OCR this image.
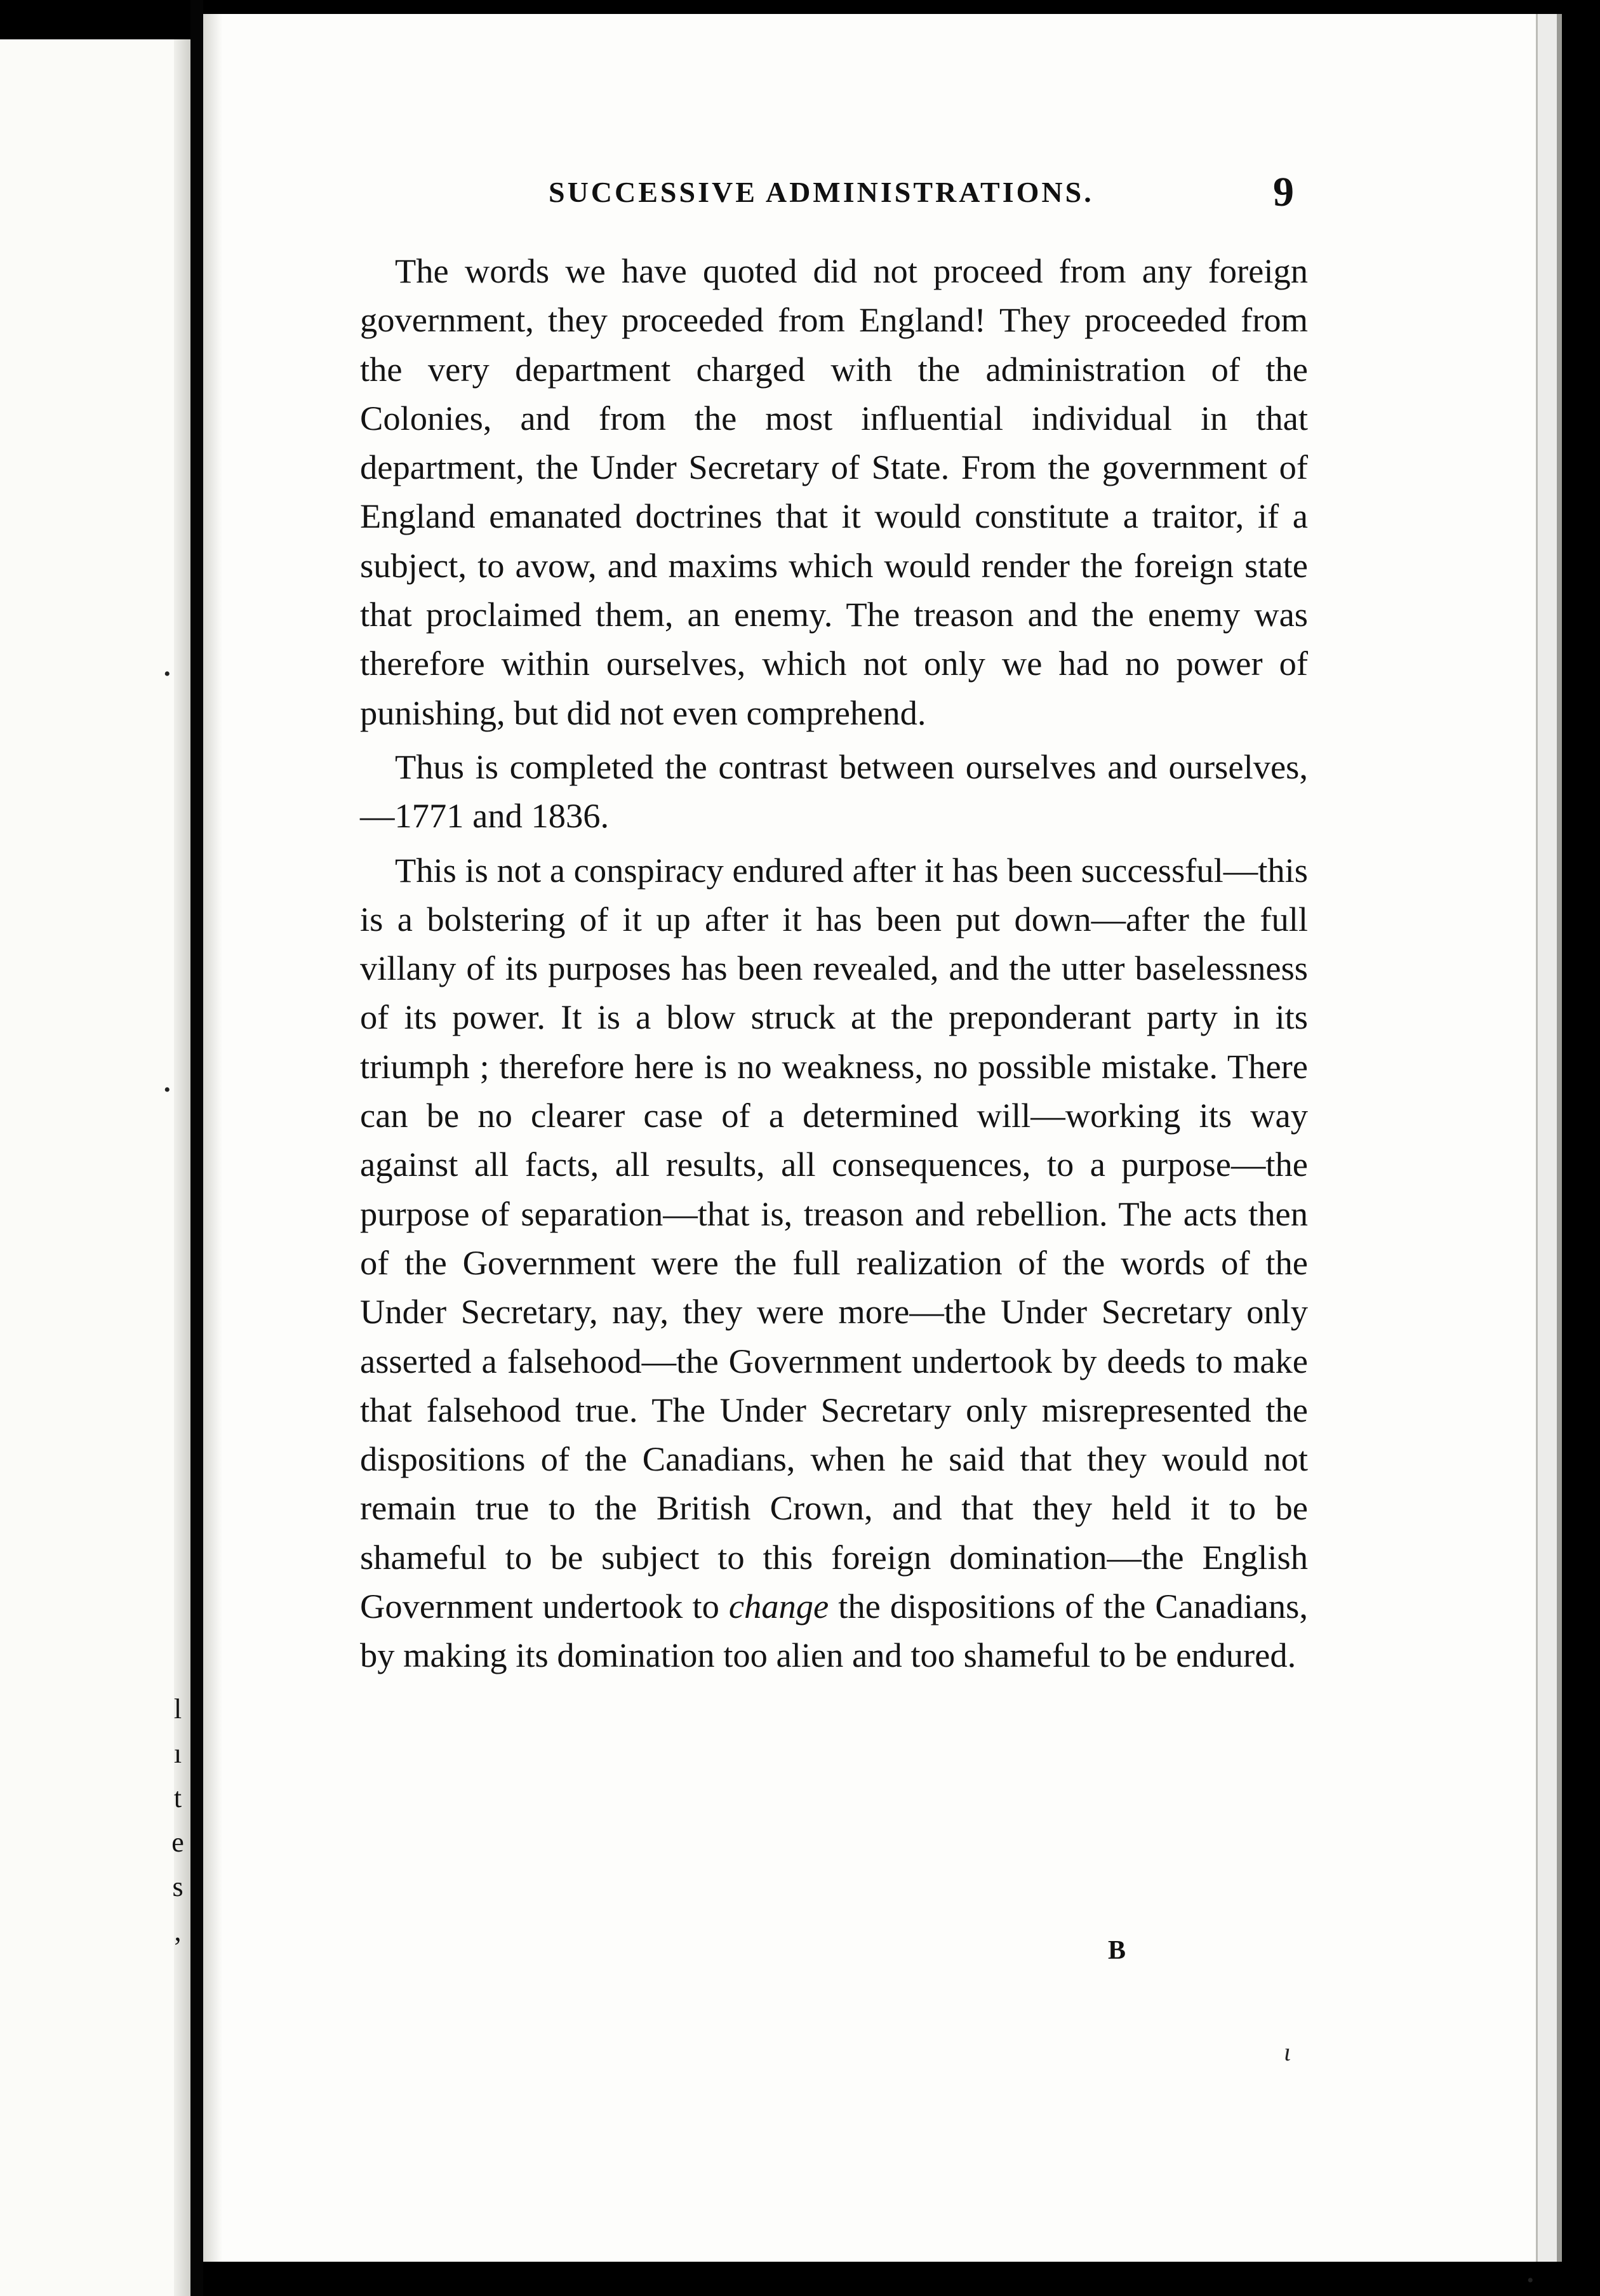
l
ı
t
e
s
,
SUCCESSIVE ADMINISTRATIONS.	9

The words we have quoted did not proceed from any foreign government, they proceeded from England! They proceeded from the very department charged with the administration of the Colonies, and from the most influential individual in that department, the Under Secretary of State. From the government of England emanated doctrines that it would constitute a traitor, if a subject, to avow, and maxims which would render the foreign state that proclaimed them, an enemy. The treason and the enemy was therefore within ourselves, which not only we had no power of punishing, but did not even comprehend.

Thus is completed the contrast between ourselves and ourselves,—1771 and 1836.

This is not a conspiracy endured after it has been successful—this is a bolstering of it up after it has been put down—after the full villany of its purposes has been revealed, and the utter baselessness of its power. It is a blow struck at the preponderant party in its triumph ; therefore here is no weakness, no possible mistake. There can be no clearer case of a determined will—working its way against all facts, all results, all consequences, to a purpose—the purpose of separation—that is, treason and rebellion. The acts then of the Government were the full realization of the words of the Under Secretary, nay, they were more—the Under Secretary only asserted a falsehood—the Government undertook by deeds to make that falsehood true. The Under Secretary only misrepresented the dispositions of the Canadians, when he said that they would not remain true to the British Crown, and that they held it to be shameful to be subject to this foreign domination—the English Government undertook to change the dispositions of the Canadians, by making its domination too alien and too shameful to be endured.

B
ɩ
•
•
•
